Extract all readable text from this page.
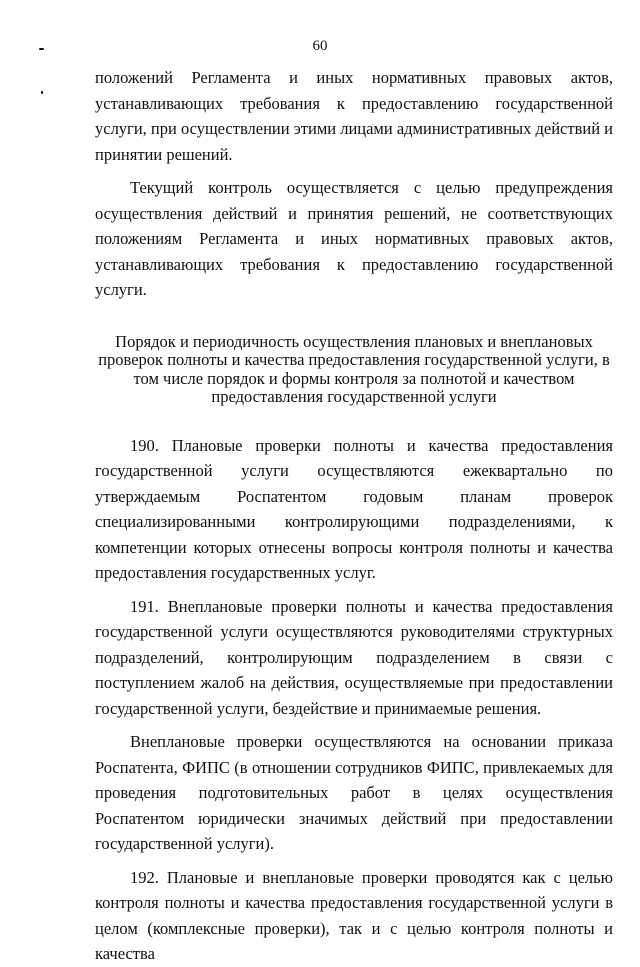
60

положений Регламента и иных нормативных правовых актов, устанавливающих требования к предоставлению государственной услуги, при осуществлении этими лицами административных действий и принятии решений.

Текущий контроль осуществляется с целью предупреждения осуществления действий и принятия решений, не соответствующих положениям Регламента и иных нормативных правовых актов, устанавливающих требования к предоставлению государственной услуги.

Порядок и периодичность осуществления плановых и внеплановых проверок полноты и качества предоставления государственной услуги, в том числе порядок и формы контроля за полнотой и качеством предоставления государственной услуги

190. Плановые проверки полноты и качества предоставления государственной услуги осуществляются ежеквартально по утверждаемым Роспатентом годовым планам проверок специализированными контролирующими подразделениями, к компетенции которых отнесены вопросы контроля полноты и качества предоставления государственных услуг.

191. Внеплановые проверки полноты и качества предоставления государственной услуги осуществляются руководителями структурных подразделений, контролирующим подразделением в связи с поступлением жалоб на действия, осуществляемые при предоставлении государственной услуги, бездействие и принимаемые решения.

Внеплановые проверки осуществляются на основании приказа Роспатента, ФИПС (в отношении сотрудников ФИПС, привлекаемых для проведения подготовительных работ в целях осуществления Роспатентом юридически значимых действий при предоставлении государственной услуги).

192. Плановые и внеплановые проверки проводятся как с целью контроля полноты и качества предоставления государственной услуги в целом (комплексные проверки), так и с целью контроля полноты и качества
